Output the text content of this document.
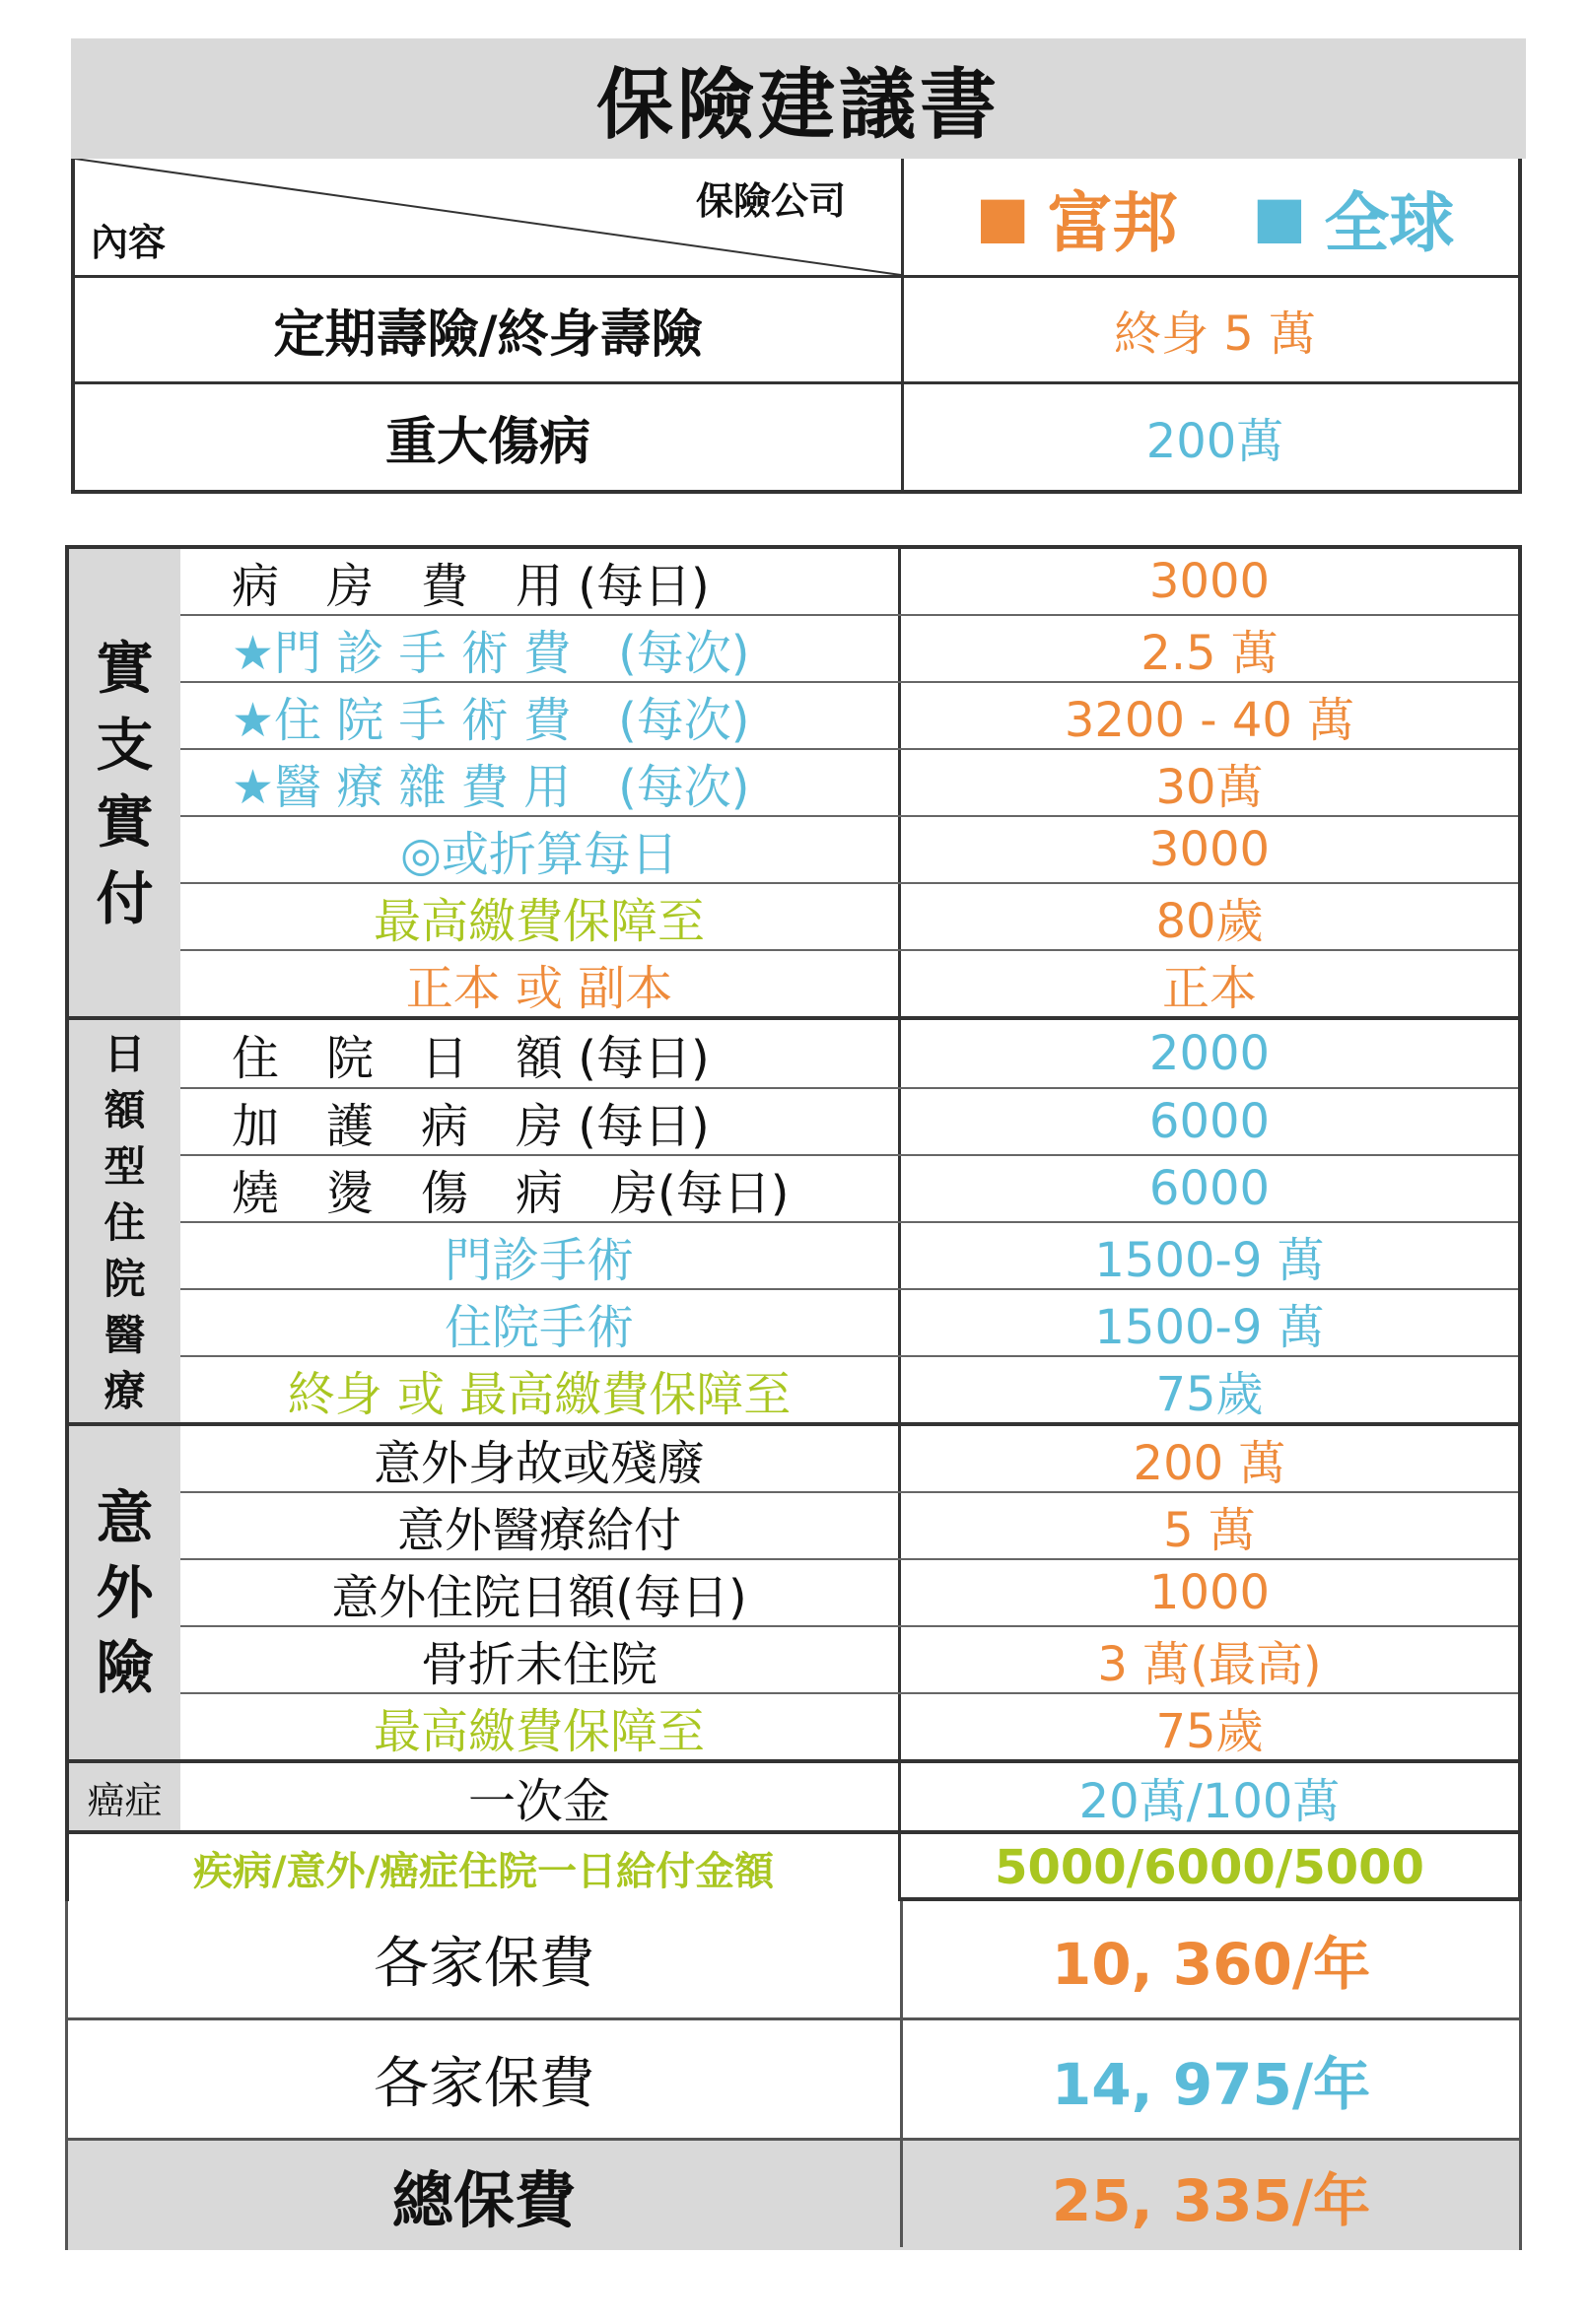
保險建議書
保險公司
內容	■ 富邦 ■ 全球
定期壽險/終身壽險	終身 5 萬
重大傷病	200萬
實
支
實
付
病　房　費　用 (每日)	3000
★門 診 手 術 費　(每次)	2.5 萬
★住 院 手 術 費　(每次)	3200 - 40 萬
★醫 療 雜 費 用　(每次)	30萬
◎或折算每日	3000
最高繳費保障至	80歲
正本 或 副本	正本
日
額
型
住
院
醫
療
住　院　日　額 (每日)	2000
加　護　病　房 (每日)	6000
燒　燙　傷　病　房(每日)	6000
門診手術	1500-9 萬
住院手術	1500-9 萬
終身 或 最高繳費保障至	75歲
意
外
險
意外身故或殘廢	200 萬
意外醫療給付	5 萬
意外住院日額(每日)	1000
骨折未住院	3 萬(最高)
最高繳費保障至	75歲
癌症	一次金	20萬/100萬
疾病/意外/癌症住院一日給付金額	5000/6000/5000
各家保費	10, 360/年
各家保費	14, 975/年
總保費	25, 335/年
